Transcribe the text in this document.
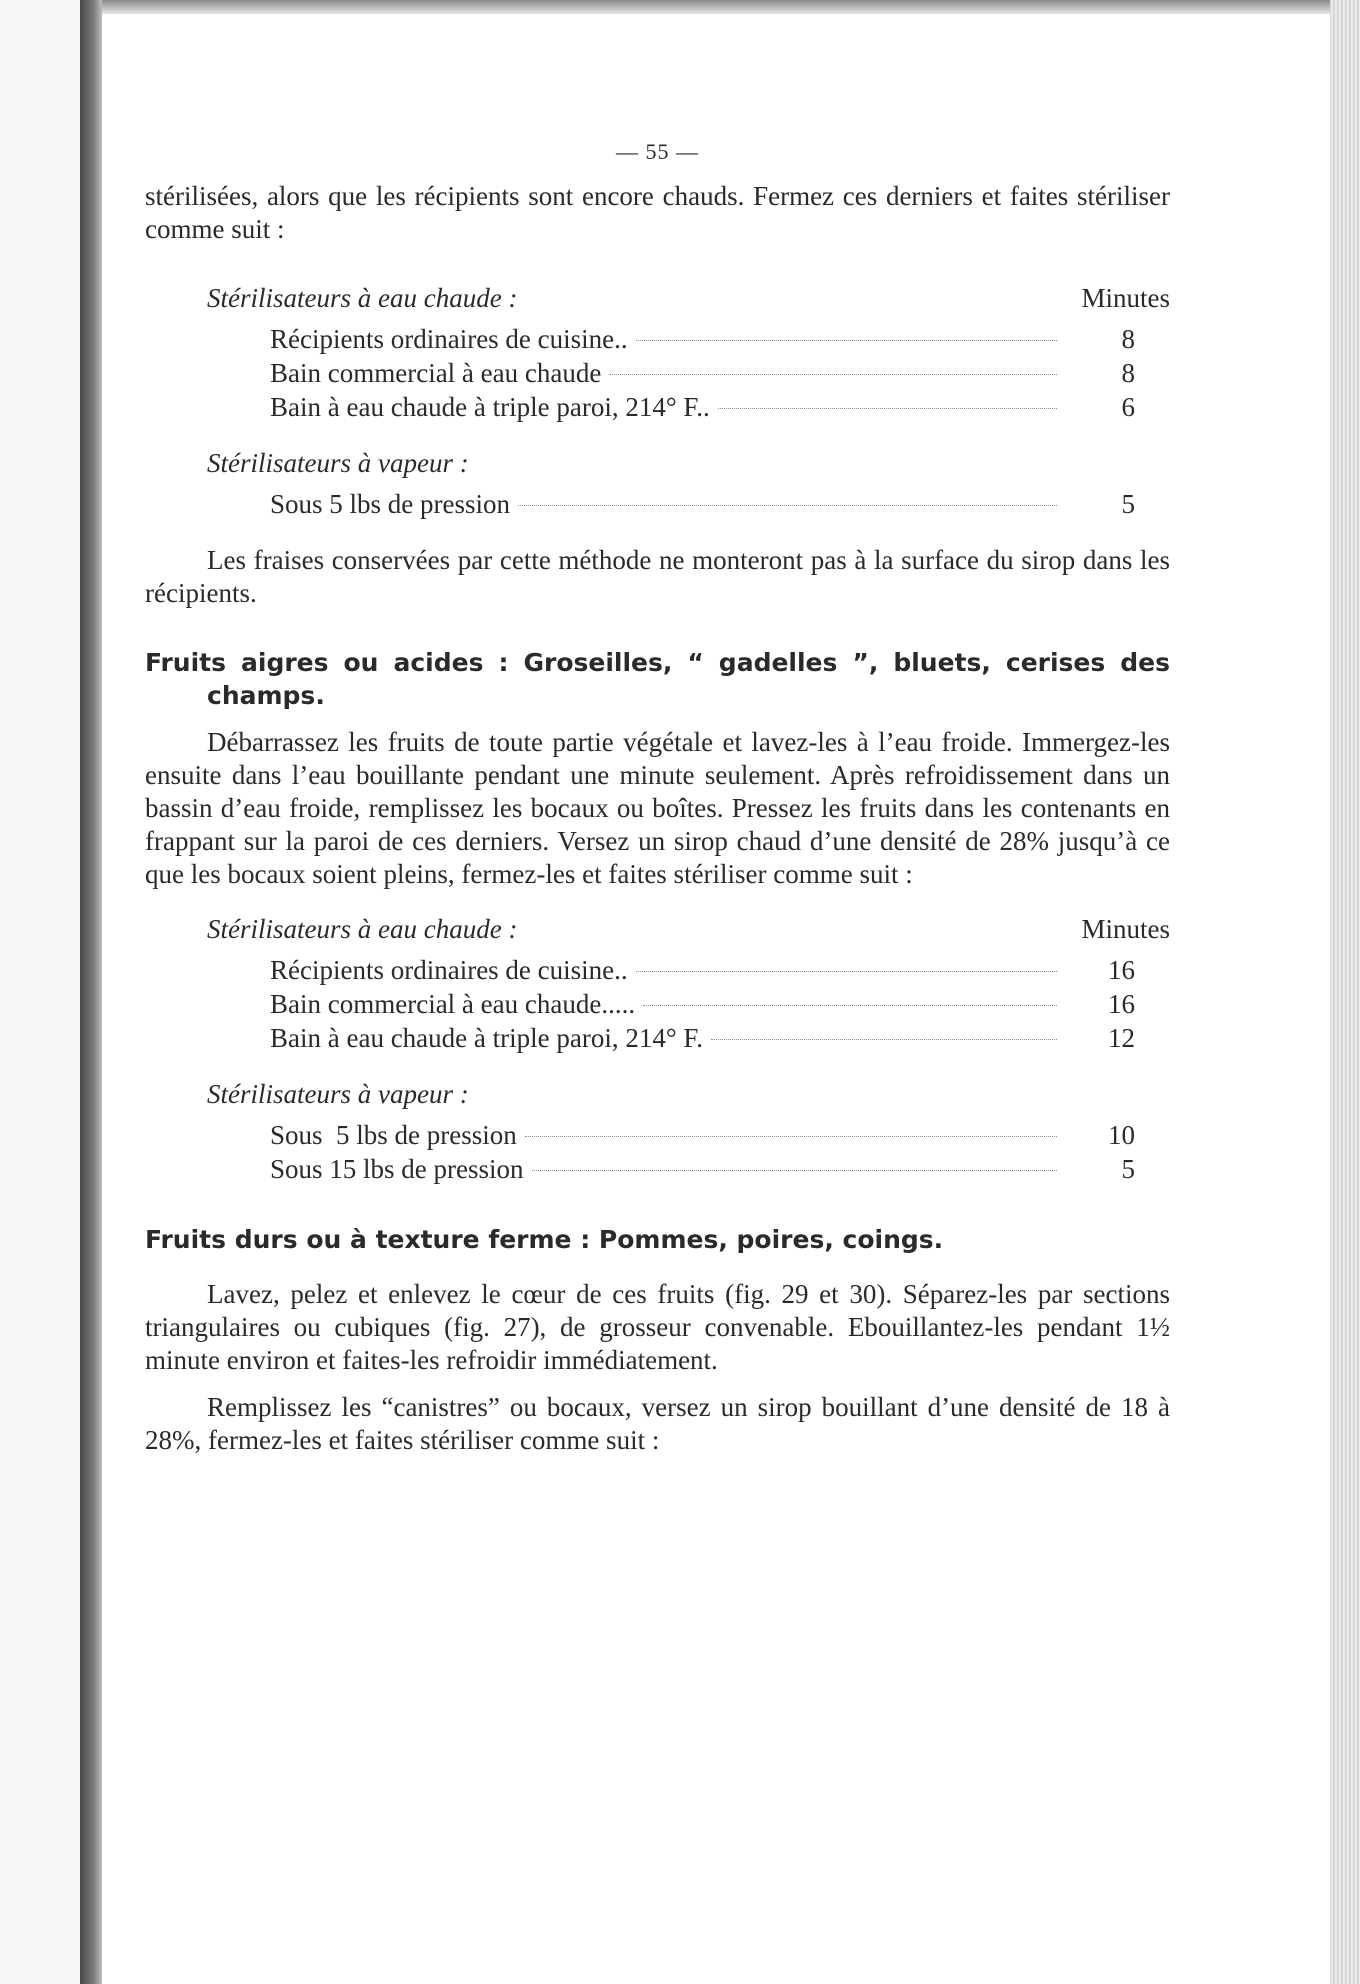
— 55 —

stérilisées, alors que les récipients sont encore chauds. Fermez ces derniers et faites stériliser comme suit :

Stérilisateurs à eau chaude :	Minutes
Récipients ordinaires de cuisine..	8
Bain commercial à eau chaude	8
Bain à eau chaude à triple paroi, 214° F..	6
Stérilisateurs à vapeur :
Sous 5 lbs de pression	5

Les fraises conservées par cette méthode ne monteront pas à la surface du sirop dans les récipients.

Fruits aigres ou acides : Groseilles, “ gadelles ”, bluets, cerises des champs.

Débarrassez les fruits de toute partie végétale et lavez-les à l’eau froide. Immergez-les ensuite dans l’eau bouillante pendant une minute seulement. Après refroidissement dans un bassin d’eau froide, remplissez les bocaux ou boîtes. Pressez les fruits dans les contenants en frappant sur la paroi de ces derniers. Versez un sirop chaud d’une densité de 28% jusqu’à ce que les bocaux soient pleins, fermez-les et faites stériliser comme suit :

Stérilisateurs à eau chaude :	Minutes
Récipients ordinaires de cuisine..	16
Bain commercial à eau chaude.....	16
Bain à eau chaude à triple paroi, 214° F.	12
Stérilisateurs à vapeur :
Sous  5 lbs de pression	10
Sous 15 lbs de pression	5
Fruits durs ou à texture ferme : Pommes, poires, coings.

Lavez, pelez et enlevez le cœur de ces fruits (fig. 29 et 30). Séparez-les par sections triangulaires ou cubiques (fig. 27), de grosseur convenable. Ebouillantez-les pendant 1½ minute environ et faites-les refroidir immédiatement.

Remplissez les “canistres” ou bocaux, versez un sirop bouillant d’une densité de 18 à 28%, fermez-les et faites stériliser comme suit :
